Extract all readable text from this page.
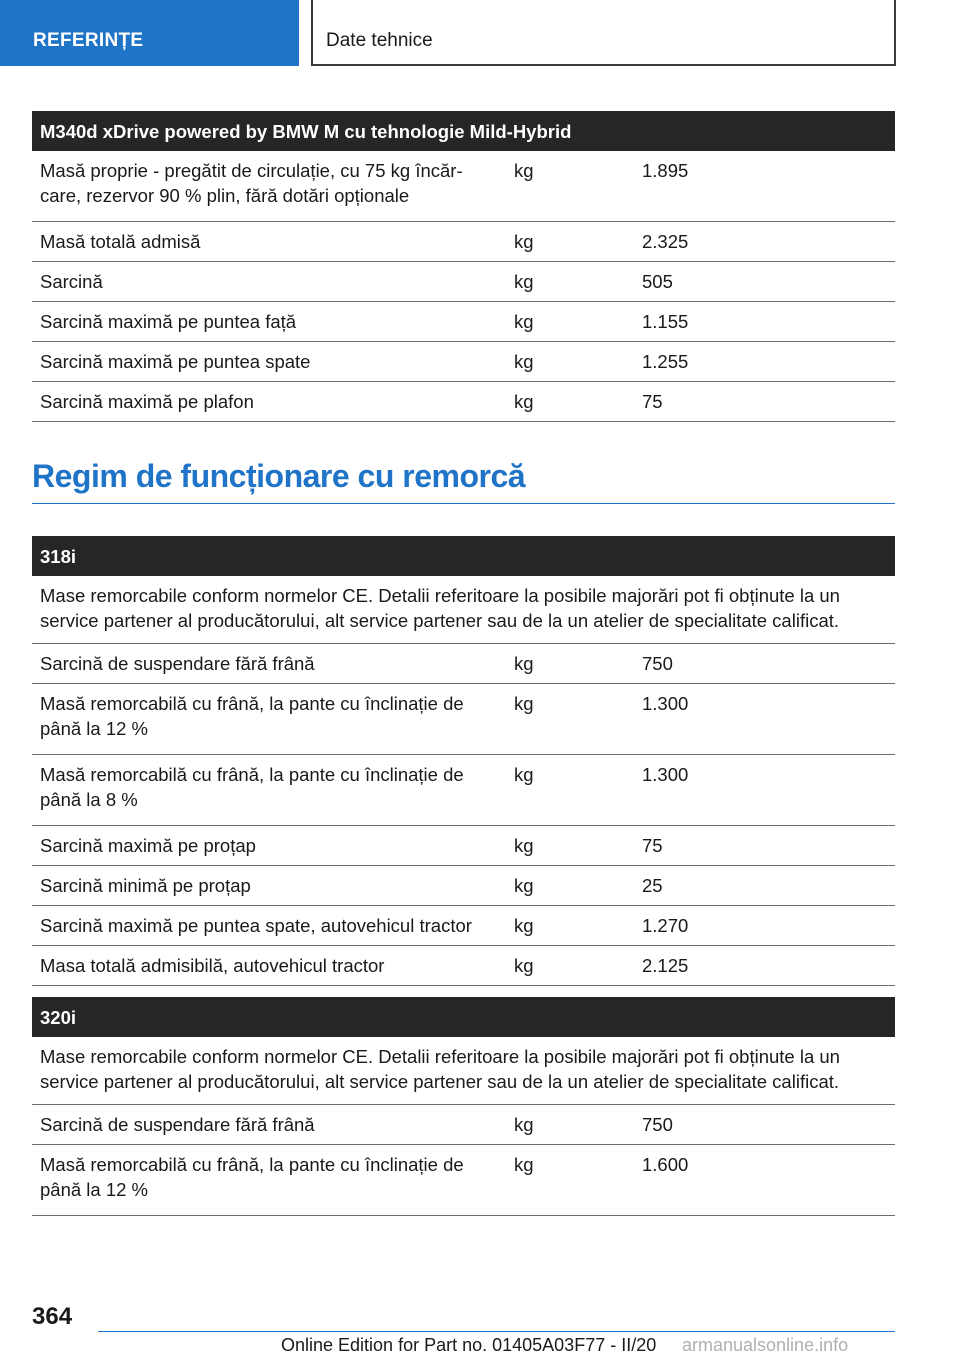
REFERINȚE	Date tehnice
M340d xDrive powered by BMW M cu tehnologie Mild-Hybrid		
Masă proprie - pregătit de circulație, cu 75 kg încăr-care, rezervor 90 % plin, fără dotări opționale	kg	1.895
Masă totală admisă	kg	2.325
Sarcină	kg	505
Sarcină maximă pe puntea față	kg	1.155
Sarcină maximă pe puntea spate	kg	1.255
Sarcină maximă pe plafon	kg	75
Regim de funcționare cu remorcă
318i		
Mase remorcabile conform normelor CE. Detalii referitoare la posibile majorări pot fi obținute la un service partener al producătorului, alt service partener sau de la un atelier de specialitate calificat.		
Sarcină de suspendare fără frână	kg	750
Masă remorcabilă cu frână, la pante cu înclinație de până la 12 %	kg	1.300
Masă remorcabilă cu frână, la pante cu înclinație de până la 8 %	kg	1.300
Sarcină maximă pe proțap	kg	75
Sarcină minimă pe proțap	kg	25
Sarcină maximă pe puntea spate, autovehicul tractor	kg	1.270
Masa totală admisibilă, autovehicul tractor	kg	2.125
320i		
Mase remorcabile conform normelor CE. Detalii referitoare la posibile majorări pot fi obținute la un service partener al producătorului, alt service partener sau de la un atelier de specialitate calificat.		
Sarcină de suspendare fără frână	kg	750
Masă remorcabilă cu frână, la pante cu înclinație de până la 12 %	kg	1.600
364
Online Edition for Part no. 01405A03F77 - II/20 armanualsonline.info
